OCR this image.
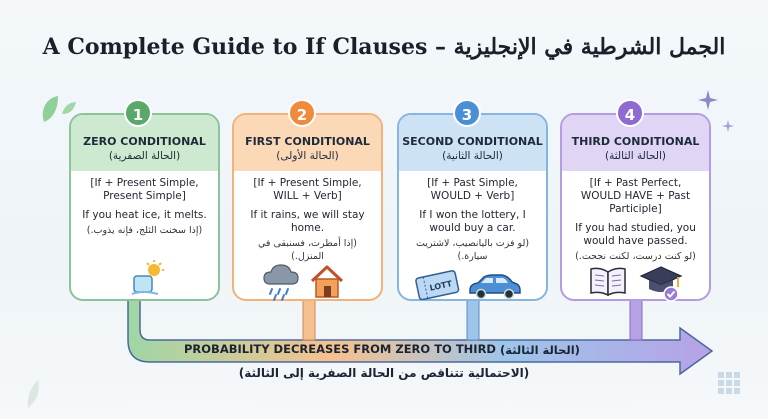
A Complete Guide to If Clauses – الجمل الشرطية في الإنجليزية
1
ZERO CONDITIONAL
(الحالة الصفرية)
[If + Present Simple, Present Simple]
If you heat ice, it melts.
(إذا سخنت الثلج، فإنه يذوب.)
2
FIRST CONDITIONAL
(الحالة الأولى)
[If + Present Simple, WILL + Verb]
If it rains, we will stay home.
(إذا أمطرت، فسنبقى في المنزل.)
3
SECOND CONDITIONAL
(الحالة الثانية)
[If + Past Simple, WOULD + Verb]
If I won the lottery, I would buy a car.
(لو فزت باليانصيب، لاشتريت سيارة.)
4
THIRD CONDITIONAL
(الحالة الثالثة)
[If + Past Perfect, WOULD HAVE + Past Participle]
If you had studied, you would have passed.
(لو كنت درست، لكنت نجحت.)
LOTT
PROBABILITY DECREASES FROM ZERO TO THIRD (الحالة الثالثة)
(الاحتمالية تتناقص من الحالة الصفرية إلى الثالثة)
